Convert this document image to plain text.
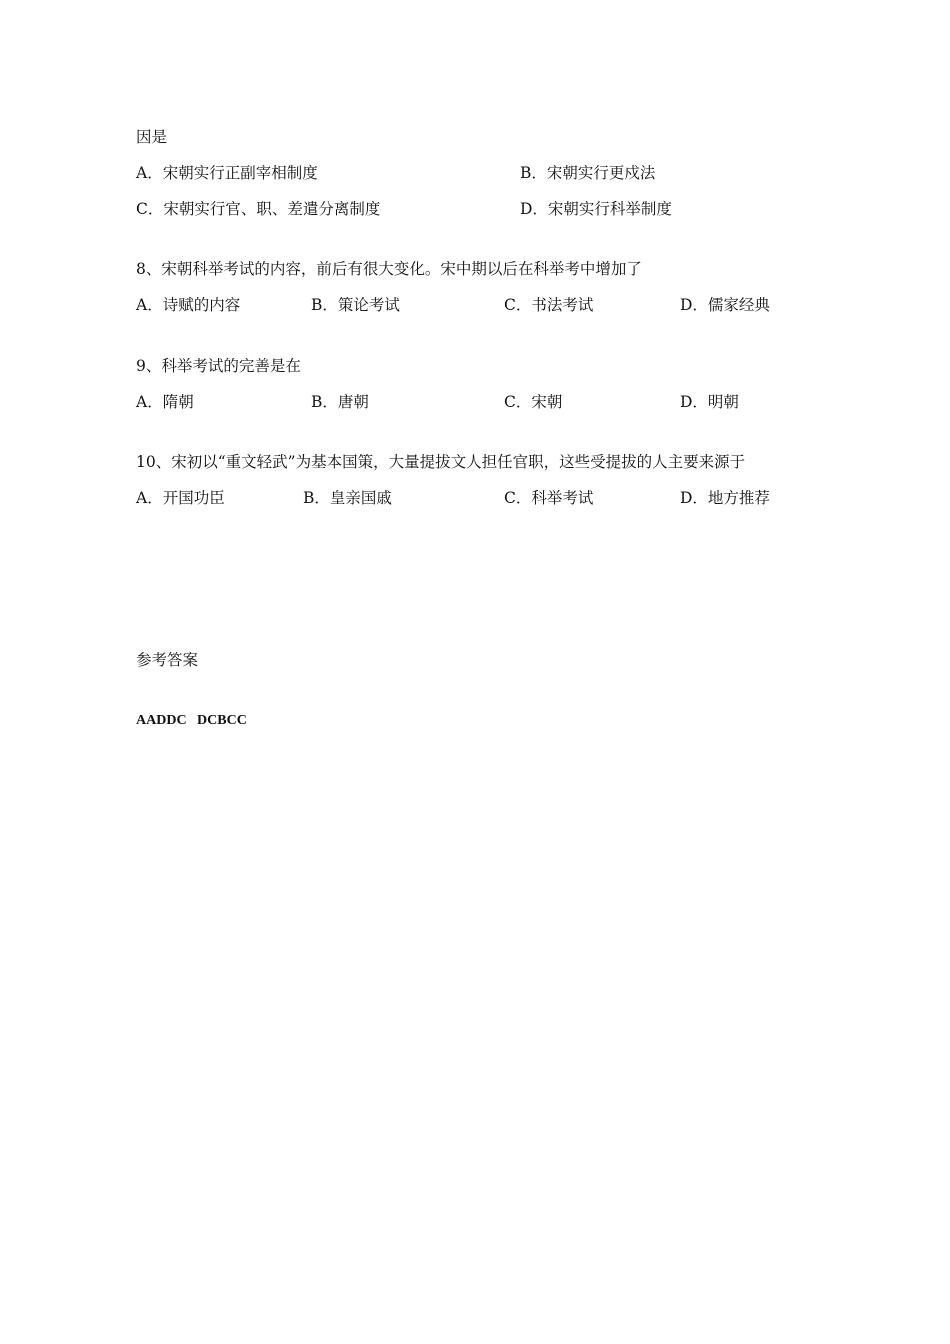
因是
A．宋朝实行正副宰相制度	B．宋朝实行更戍法
C．宋朝实行官、职、差遣分离制度	D．宋朝实行科举制度
8、宋朝科举考试的内容，前后有很大变化。宋中期以后在科举考中增加了
A．诗赋的内容	B．策论考试	C．书法考试	D．儒家经典
9、科举考试的完善是在
A．隋朝	B．唐朝	C．宋朝	D．明朝
10、宋初以“重文轻武”为基本国策，大量提拔文人担任官职，这些受提拔的人主要来源于
A．开国功臣	B．皇亲国戚	C．科举考试	D．地方推荐
参考答案
AADDC   DCBCC
